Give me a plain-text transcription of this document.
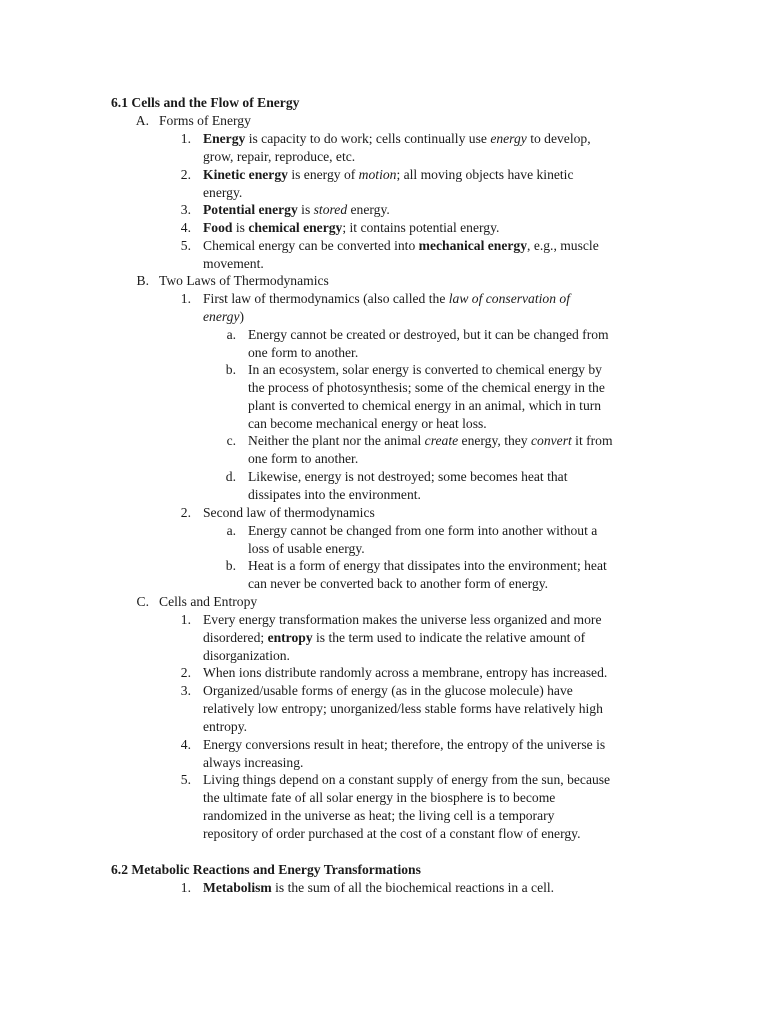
6.1 Cells and the Flow of Energy
A. Forms of Energy
1. Energy is capacity to do work; cells continually use energy to develop,
grow, repair, reproduce, etc.
2. Kinetic energy is energy of motion; all moving objects have kinetic
energy.
3. Potential energy is stored energy.
4. Food is chemical energy; it contains potential energy.
5. Chemical energy can be converted into mechanical energy, e.g., muscle
movement.
B. Two Laws of Thermodynamics
1. First law of thermodynamics (also called the law of conservation of
energy)
a. Energy cannot be created or destroyed, but it can be changed from
one form to another.
b. In an ecosystem, solar energy is converted to chemical energy by
the process of photosynthesis; some of the chemical energy in the
plant is converted to chemical energy in an animal, which in turn
can become mechanical energy or heat loss.
c. Neither the plant nor the animal create energy, they convert it from
one form to another.
d. Likewise, energy is not destroyed; some becomes heat that
dissipates into the environment.
2. Second law of thermodynamics
a. Energy cannot be changed from one form into another without a
loss of usable energy.
b. Heat is a form of energy that dissipates into the environment; heat
can never be converted back to another form of energy.
C. Cells and Entropy
1. Every energy transformation makes the universe less organized and more
disordered; entropy is the term used to indicate the relative amount of
disorganization.
2. When ions distribute randomly across a membrane, entropy has increased.
3. Organized/usable forms of energy (as in the glucose molecule) have
relatively low entropy; unorganized/less stable forms have relatively high
entropy.
4. Energy conversions result in heat; therefore, the entropy of the universe is
always increasing.
5. Living things depend on a constant supply of energy from the sun, because
the ultimate fate of all solar energy in the biosphere is to become
randomized in the universe as heat; the living cell is a temporary
repository of order purchased at the cost of a constant flow of energy.
6.2 Metabolic Reactions and Energy Transformations
1. Metabolism is the sum of all the biochemical reactions in a cell.
